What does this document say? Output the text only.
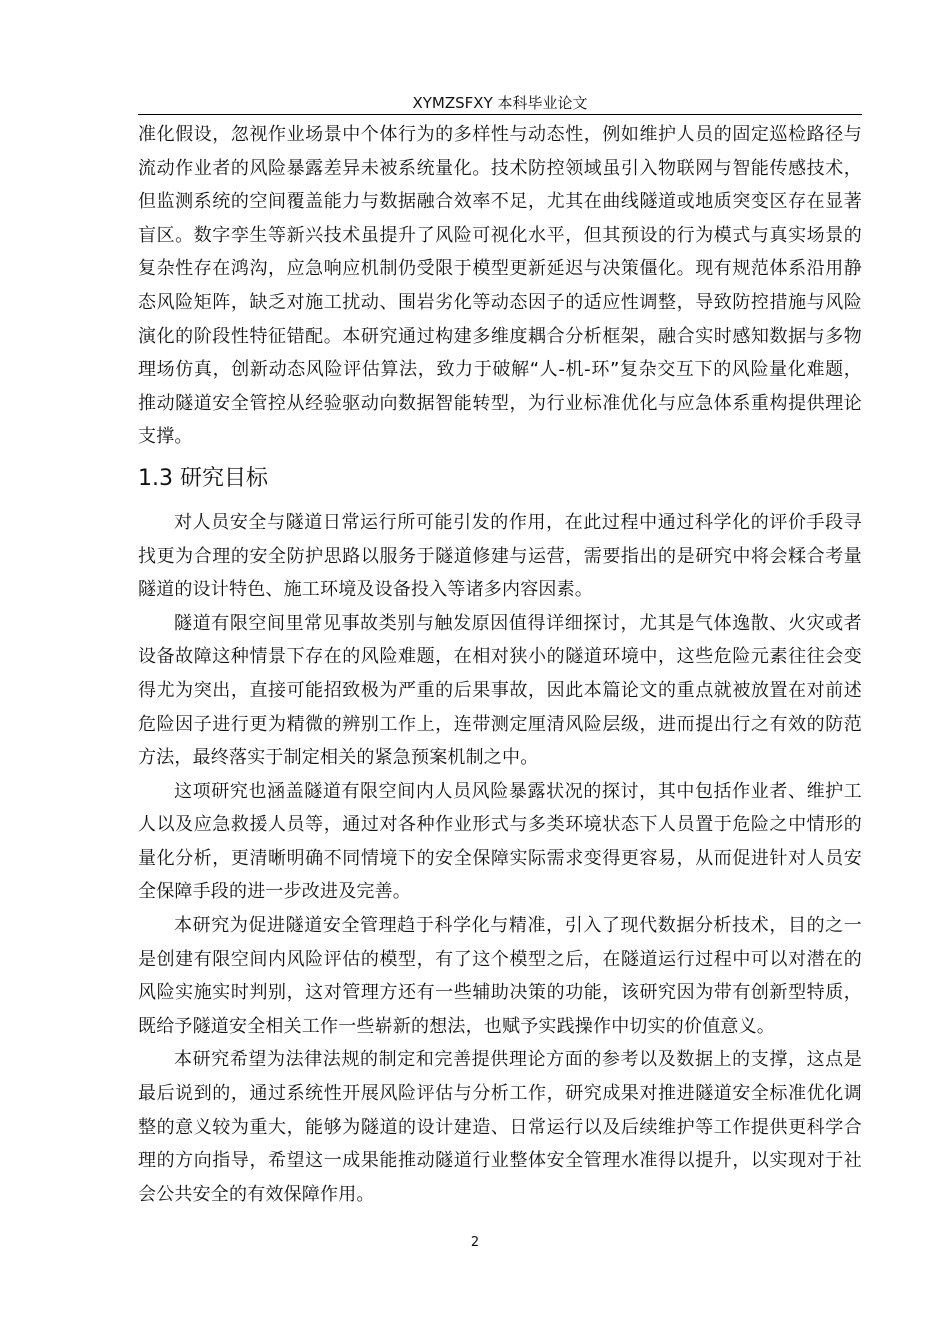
XYMZSFXY 本科毕业论文

准化假设，忽视作业场景中个体行为的多样性与动态性，例如维护人员的固定巡检路径与流动作业者的风险暴露差异未被系统量化。技术防控领域虽引入物联网与智能传感技术，但监测系统的空间覆盖能力与数据融合效率不足，尤其在曲线隧道或地质突变区存在显著盲区。数字孪生等新兴技术虽提升了风险可视化水平，但其预设的行为模式与真实场景的复杂性存在鸿沟，应急响应机制仍受限于模型更新延迟与决策僵化。现有规范体系沿用静态风险矩阵，缺乏对施工扰动、围岩劣化等动态因子的适应性调整，导致防控措施与风险演化的阶段性特征错配。本研究通过构建多维度耦合分析框架，融合实时感知数据与多物理场仿真，创新动态风险评估算法，致力于破解“人-机-环”复杂交互下的风险量化难题，推动隧道安全管控从经验驱动向数据智能转型，为行业标准优化与应急体系重构提供理论支撑。

1.3 研究目标

对人员安全与隧道日常运行所可能引发的作用，在此过程中通过科学化的评价手段寻找更为合理的安全防护思路以服务于隧道修建与运营，需要指出的是研究中将会糅合考量隧道的设计特色、施工环境及设备投入等诸多内容因素。

隧道有限空间里常见事故类别与触发原因值得详细探讨，尤其是气体逸散、火灾或者设备故障这种情景下存在的风险难题，在相对狭小的隧道环境中，这些危险元素往往会变得尤为突出，直接可能招致极为严重的后果事故，因此本篇论文的重点就被放置在对前述危险因子进行更为精微的辨别工作上，连带测定厘清风险层级，进而提出行之有效的防范方法，最终落实于制定相关的紧急预案机制之中。

这项研究也涵盖隧道有限空间内人员风险暴露状况的探讨，其中包括作业者、维护工人以及应急救援人员等，通过对各种作业形式与多类环境状态下人员置于危险之中情形的量化分析，更清晰明确不同情境下的安全保障实际需求变得更容易，从而促进针对人员安全保障手段的进一步改进及完善。

本研究为促进隧道安全管理趋于科学化与精准，引入了现代数据分析技术，目的之一是创建有限空间内风险评估的模型，有了这个模型之后，在隧道运行过程中可以对潜在的风险实施实时判别，这对管理方还有一些辅助决策的功能，该研究因为带有创新型特质，既给予隧道安全相关工作一些崭新的想法，也赋予实践操作中切实的价值意义。

本研究希望为法律法规的制定和完善提供理论方面的参考以及数据上的支撑，这点是最后说到的，通过系统性开展风险评估与分析工作，研究成果对推进隧道安全标准优化调整的意义较为重大，能够为隧道的设计建造、日常运行以及后续维护等工作提供更科学合理的方向指导，希望这一成果能推动隧道行业整体安全管理水准得以提升，以实现对于社会公共安全的有效保障作用。

2
